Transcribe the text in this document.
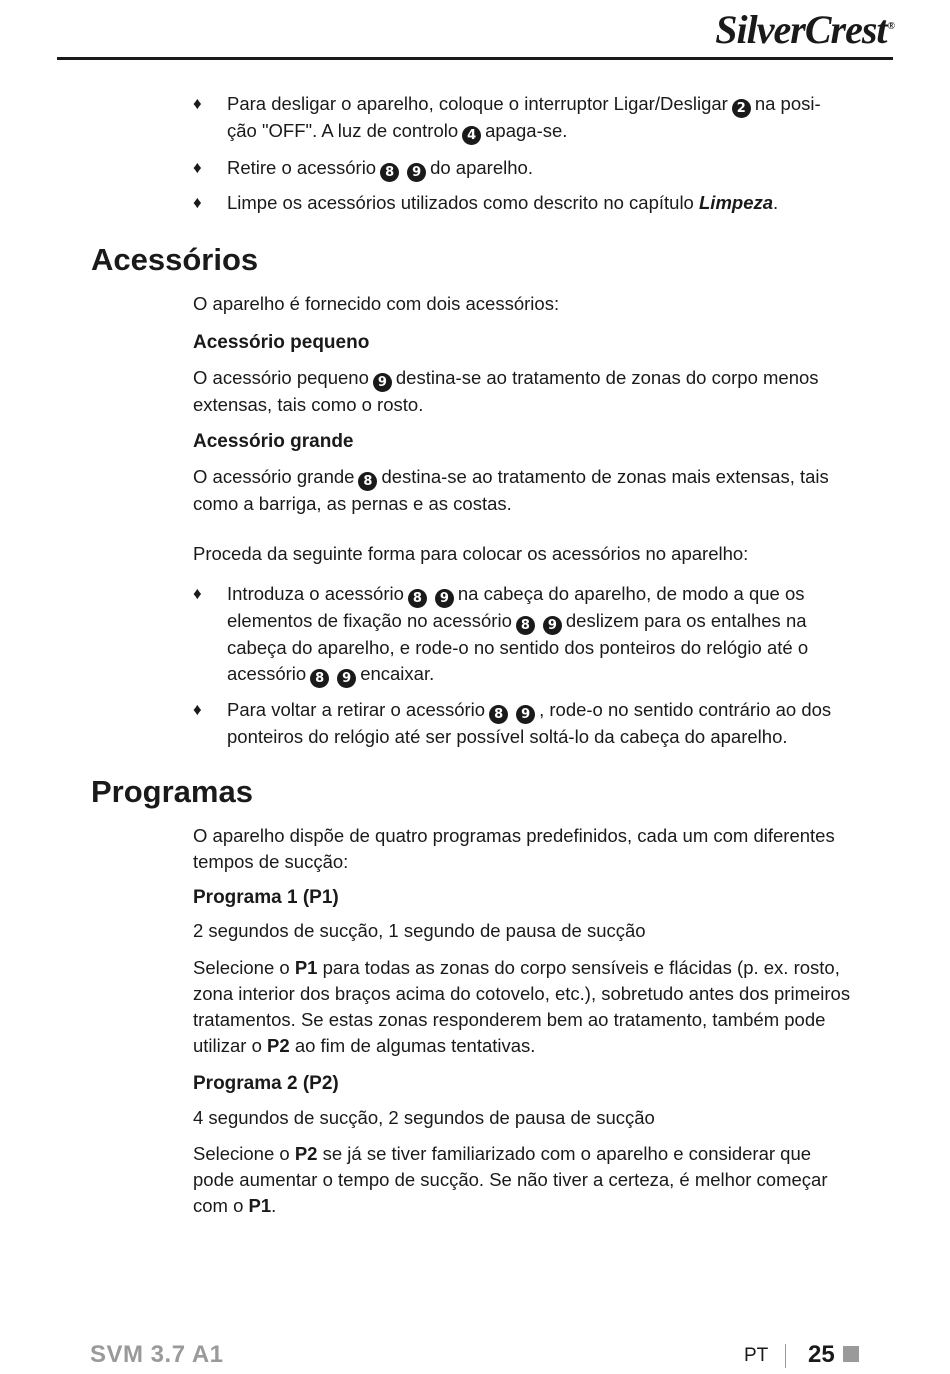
SilverCrest®
♦ Para desligar o aparelho, coloque o interruptor Ligar/Desligar 2 na posi-
ção "OFF". A luz de controlo 4 apaga-se.
♦ Retire o acessório 8 9 do aparelho.
♦ Limpe os acessórios utilizados como descrito no capítulo Limpeza.
Acessórios
O aparelho é fornecido com dois acessórios:
Acessório pequeno
O acessório pequeno 9 destina-se ao tratamento de zonas do corpo menos
extensas, tais como o rosto.
Acessório grande
O acessório grande 8 destina-se ao tratamento de zonas mais extensas, tais
como a barriga, as pernas e as costas.
Proceda da seguinte forma para colocar os acessórios no aparelho:
♦ Introduza o acessório 8 9 na cabeça do aparelho, de modo a que os
elementos de fixação no acessório 8 9 deslizem para os entalhes na
cabeça do aparelho, e rode-o no sentido dos ponteiros do relógio até o
acessório 8 9 encaixar.
♦ Para voltar a retirar o acessório 8 9 , rode-o no sentido contrário ao dos
ponteiros do relógio até ser possível soltá-lo da cabeça do aparelho.
Programas
O aparelho dispõe de quatro programas predefinidos, cada um com diferentes
tempos de sucção:
Programa 1 (P1)
2 segundos de sucção, 1 segundo de pausa de sucção
Selecione o P1 para todas as zonas do corpo sensíveis e flácidas (p. ex. rosto,
zona interior dos braços acima do cotovelo, etc.), sobretudo antes dos primeiros
tratamentos. Se estas zonas responderem bem ao tratamento, também pode
utilizar o P2 ao fim de algumas tentativas.
Programa 2 (P2)
4 segundos de sucção, 2 segundos de pausa de sucção
Selecione o P2 se já se tiver familiarizado com o aparelho e considerar que
pode aumentar o tempo de sucção. Se não tiver a certeza, é melhor começar
com o P1.
SVM 3.7 A1	PT 25
